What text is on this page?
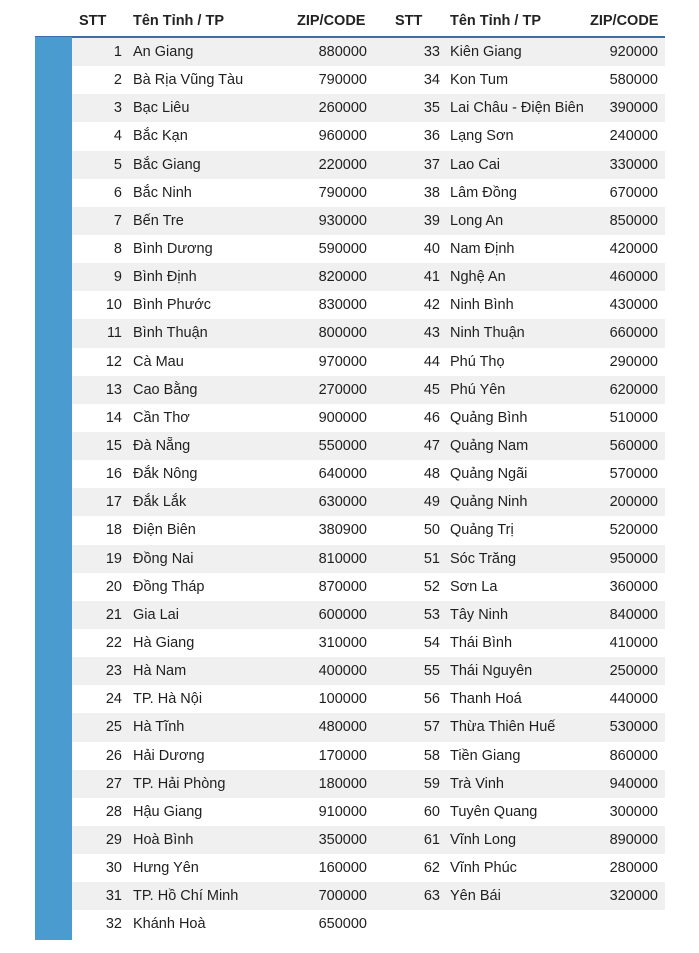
STT Tên Tỉnh / TP	ZIP/CODE STT Tên Tỉnh / TP	ZIP/CODE
1 An Giang	880000	33 Kiên Giang	920000
2 Bà Rịa Vũng Tàu	790000	34 Kon Tum	580000
3 Bạc Liêu	260000	35 Lai Châu - Điện Biên	390000
4 Bắc Kạn	960000	36 Lạng Sơn	240000
5 Bắc Giang	220000	37 Lao Cai	330000
6 Bắc Ninh	790000	38 Lâm Đồng	670000
7 Bến Tre	930000	39 Long An	850000
8 Bình Dương	590000	40 Nam Định	420000
9 Bình Định	820000	41 Nghệ An	460000
10 Bình Phước	830000	42 Ninh Bình	430000
11 Bình Thuận	800000	43 Ninh Thuận	660000
12 Cà Mau	970000	44 Phú Thọ	290000
13 Cao Bằng	270000	45 Phú Yên	620000
14 Cần Thơ	900000	46 Quảng Bình	510000
15 Đà Nẵng	550000	47 Quảng Nam	560000
16 Đắk Nông	640000	48 Quảng Ngãi	570000
17 Đắk Lắk	630000	49 Quảng Ninh	200000
18 Điện Biên	380900	50 Quảng Trị	520000
19 Đồng Nai	810000	51 Sóc Trăng	950000
20 Đồng Tháp	870000	52 Sơn La	360000
21 Gia Lai	600000	53 Tây Ninh	840000
22 Hà Giang	310000	54 Thái Bình	410000
23 Hà Nam	400000	55 Thái Nguyên	250000
24 TP. Hà Nội	100000	56 Thanh Hoá	440000
25 Hà Tĩnh	480000	57 Thừa Thiên Huế	530000
26 Hải Dương	170000	58 Tiền Giang	860000
27 TP. Hải Phòng	180000	59 Trà Vinh	940000
28 Hậu Giang	910000	60 Tuyên Quang	300000
29 Hoà Bình	350000	61 Vĩnh Long	890000
30 Hưng Yên	160000	62 Vĩnh Phúc	280000
31 TP. Hồ Chí Minh	700000	63 Yên Bái	320000
32 Khánh Hoà	650000
